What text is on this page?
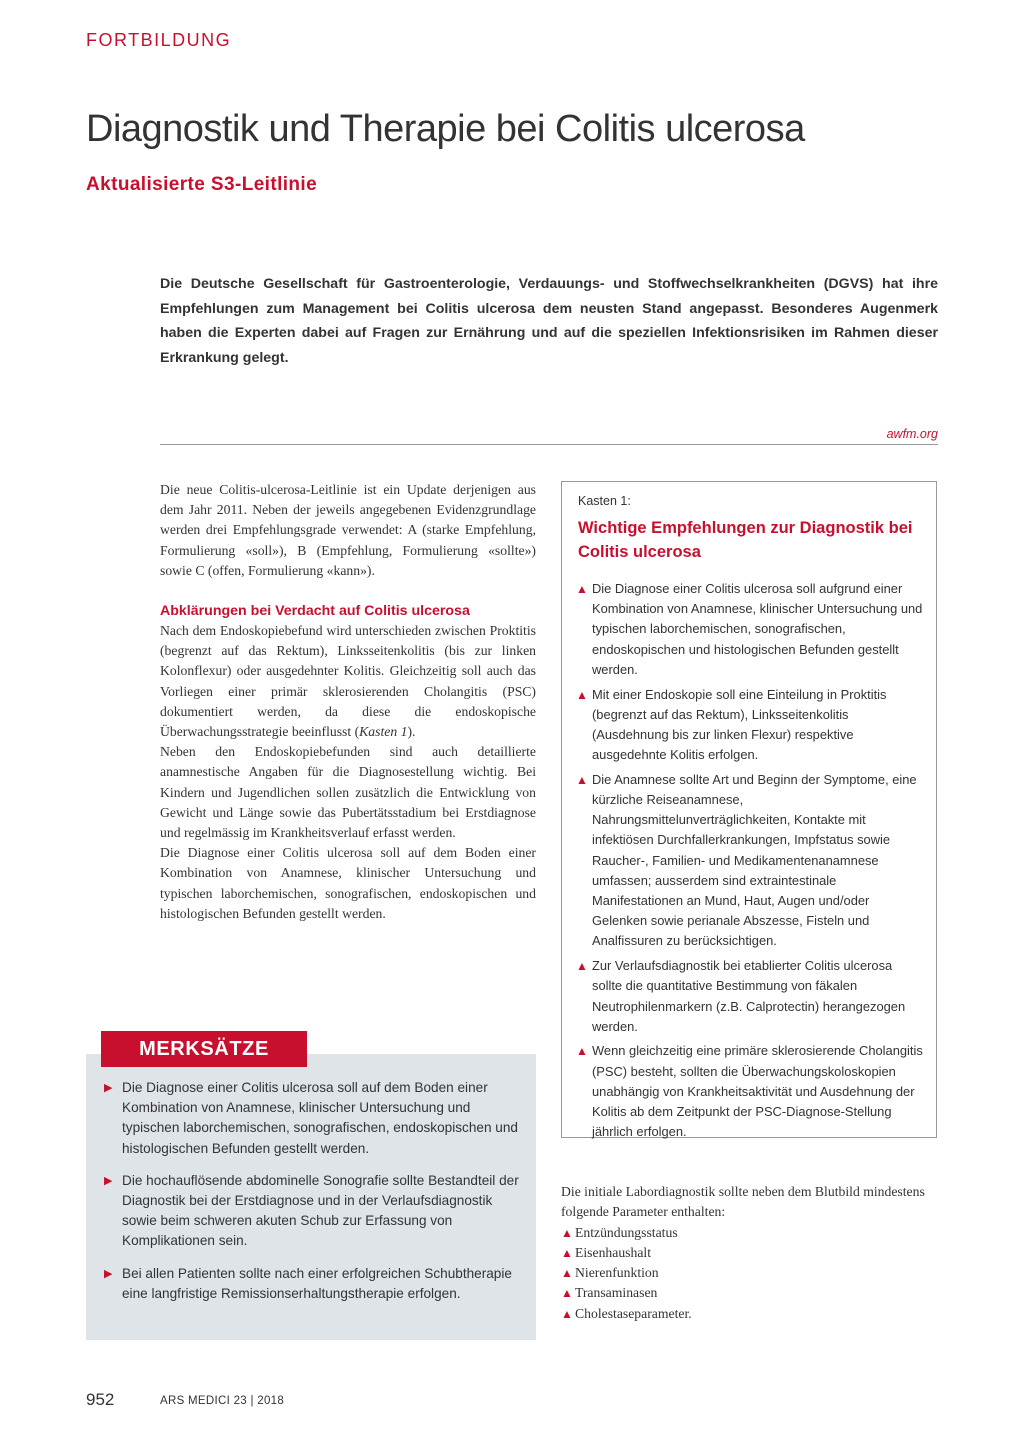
FORTBILDUNG
Diagnostik und Therapie bei Colitis ulcerosa
Aktualisierte S3-Leitlinie

Die Deutsche Gesellschaft für Gastroenterologie, Verdauungs- und Stoffwechselkrankheiten (DGVS) hat ihre Empfehlungen zum Management bei Colitis ulcerosa dem neusten Stand angepasst. Besonderes Augenmerk haben die Experten dabei auf Fragen zur Ernährung und auf die speziellen Infektionsrisiken im Rahmen dieser Erkrankung gelegt.

awfm.org

Die neue Colitis-ulcerosa-Leitlinie ist ein Update derjenigen aus dem Jahr 2011. Neben der jeweils angegebenen Evidenzgrundlage werden drei Empfehlungsgrade verwendet: A (starke Empfehlung, Formulierung «soll»), B (Empfehlung, Formulierung «sollte») sowie C (offen, Formulierung «kann»).

Abklärungen bei Verdacht auf Colitis ulcerosa

Nach dem Endoskopiebefund wird unterschieden zwischen Proktitis (begrenzt auf das Rektum), Linksseitenkolitis (bis zur linken Kolonflexur) oder ausgedehnter Kolitis. Gleichzeitig soll auch das Vorliegen einer primär sklerosierenden Cholangitis (PSC) dokumentiert werden, da diese die endoskopische Überwachungsstrategie beeinflusst (Kasten 1).

Neben den Endoskopiebefunden sind auch detaillierte anamnestische Angaben für die Diagnosestellung wichtig. Bei Kindern und Jugendlichen sollen zusätzlich die Entwicklung von Gewicht und Länge sowie das Pubertätsstadium bei Erstdiagnose und regelmässig im Krankheitsverlauf erfasst werden.

Die Diagnose einer Colitis ulcerosa soll auf dem Boden einer Kombination von Anamnese, klinischer Untersuchung und typischen laborchemischen, sonografischen, endoskopischen und histologischen Befunden gestellt werden.

MERKSÄTZE
▶ Die Diagnose einer Colitis ulcerosa soll auf dem Boden einer Kombination von Anamnese, klinischer Untersuchung und typischen laborchemischen, sonografischen, endoskopischen und histologischen Befunden gestellt werden.
▶ Die hochauflösende abdominelle Sonografie sollte Bestandteil der Diagnostik bei der Erstdiagnose und in der Verlaufsdiagnostik sowie beim schweren akuten Schub zur Erfassung von Komplikationen sein.
▶ Bei allen Patienten sollte nach einer erfolgreichen Schubtherapie eine langfristige Remissionserhaltungstherapie erfolgen.
Kasten 1:
Wichtige Empfehlungen zur Diagnostik bei Colitis ulcerosa
▲ Die Diagnose einer Colitis ulcerosa soll aufgrund einer Kombination von Anamnese, klinischer Untersuchung und typischen laborchemischen, sonografischen, endoskopischen und histologischen Befunden gestellt werden.
▲ Mit einer Endoskopie soll eine Einteilung in Proktitis (begrenzt auf das Rektum), Linksseitenkolitis (Ausdehnung bis zur linken Flexur) respektive ausgedehnte Kolitis erfolgen.
▲ Die Anamnese sollte Art und Beginn der Symptome, eine kürzliche Reiseanamnese, Nahrungsmittelunverträglichkeiten, Kontakte mit infektiösen Durchfallerkrankungen, Impfstatus sowie Raucher-, Familien- und Medikamentenanamnese umfassen; ausserdem sind extraintestinale Manifestationen an Mund, Haut, Augen und/oder Gelenken sowie perianale Abszesse, Fisteln und Analfissuren zu berücksichtigen.
▲ Zur Verlaufsdiagnostik bei etablierter Colitis ulcerosa sollte die quantitative Bestimmung von fäkalen Neutrophilenmarkern (z.B. Calprotectin) herangezogen werden.
▲ Wenn gleichzeitig eine primäre sklerosierende Cholangitis (PSC) besteht, sollten die Überwachungskoloskopien unabhängig von Krankheitsaktivität und Ausdehnung der Kolitis ab dem Zeitpunkt der PSC-Diagnose-Stellung jährlich erfolgen.

Die initiale Labordiagnostik sollte neben dem Blutbild mindestens folgende Parameter enthalten:

▲ Entzündungsstatus
▲ Eisenhaushalt
▲ Nierenfunktion
▲ Transaminasen
▲ Cholestaseparameter.
952	ARS MEDICI 23 | 2018
